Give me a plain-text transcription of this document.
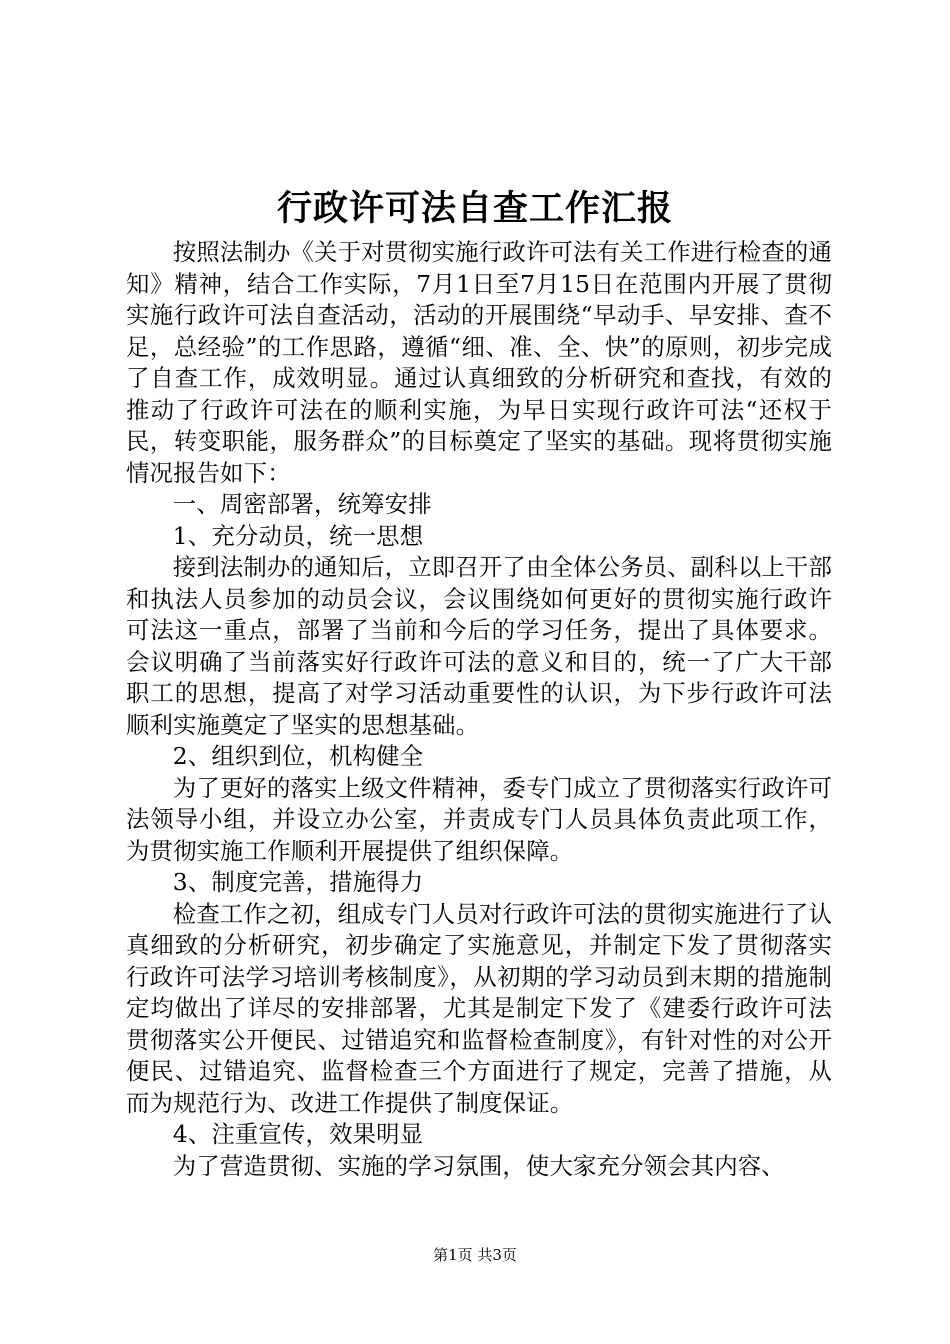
行政许可法自查工作汇报

按照法制办《关于对贯彻实施行政许可法有关工作进行检查的通知》精神，结合工作实际，7月1日至7月15日在范围内开展了贯彻实施行政许可法自查活动，活动的开展围绕“早动手、早安排、查不足，总经验”的工作思路，遵循“细、准、全、快”的原则，初步完成了自查工作，成效明显。通过认真细致的分析研究和查找，有效的推动了行政许可法在的顺利实施，为早日实现行政许可法“还权于民，转变职能，服务群众”的目标奠定了坚实的基础。现将贯彻实施情况报告如下：

一、周密部署，统筹安排

1、充分动员，统一思想

接到法制办的通知后，立即召开了由全体公务员、副科以上干部和执法人员参加的动员会议，会议围绕如何更好的贯彻实施行政许可法这一重点，部署了当前和今后的学习任务，提出了具体要求。会议明确了当前落实好行政许可法的意义和目的，统一了广大干部职工的思想，提高了对学习活动重要性的认识，为下步行政许可法顺利实施奠定了坚实的思想基础。

2、组织到位，机构健全

为了更好的落实上级文件精神，委专门成立了贯彻落实行政许可法领导小组，并设立办公室，并责成专门人员具体负责此项工作，为贯彻实施工作顺利开展提供了组织保障。

3、制度完善，措施得力

检查工作之初，组成专门人员对行政许可法的贯彻实施进行了认真细致的分析研究，初步确定了实施意见，并制定下发了贯彻落实行政许可法学习培训考核制度》，从初期的学习动员到末期的措施制定均做出了详尽的安排部署，尤其是制定下发了《建委行政许可法贯彻落实公开便民、过错追究和监督检查制度》，有针对性的对公开便民、过错追究、监督检查三个方面进行了规定，完善了措施，从而为规范行为、改进工作提供了制度保证。

4、注重宣传，效果明显

为了营造贯彻、实施的学习氛围，使大家充分领会其内容、

第1页 共3页
